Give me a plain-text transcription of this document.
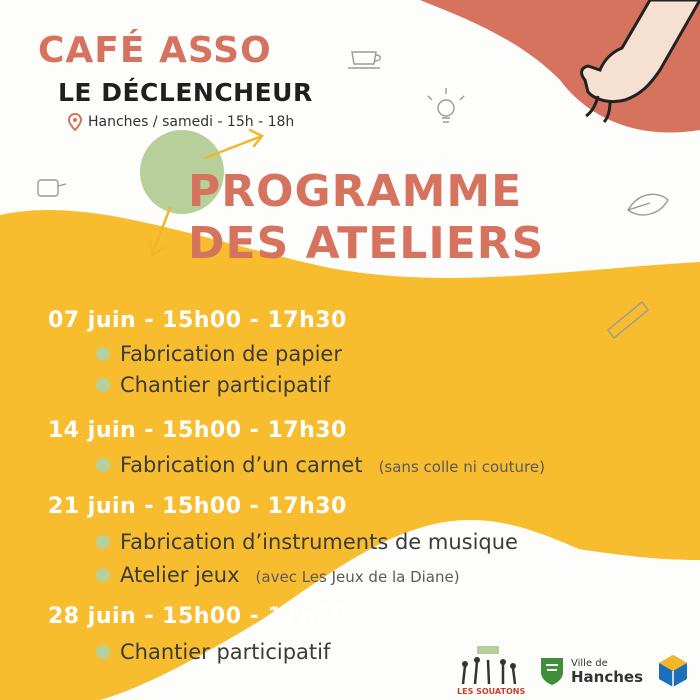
CAFÉ ASSO
LE DÉCLENCHEUR
Hanches / samedi - 15h - 18h
PROGRAMME
DES ATELIERS
07 juin - 15h00 - 17h30
Fabrication de papier
Chantier participatif
14 juin - 15h00 - 17h30
Fabrication d’un carnet (sans colle ni couture)
21 juin - 15h00 - 17h30
Fabrication d’instruments de musique
Atelier jeux (avec Les Jeux de la Diane)
28 juin - 15h00 - 17h30
Chantier participatif
LES SOUATONS
Ville de
Hanches
